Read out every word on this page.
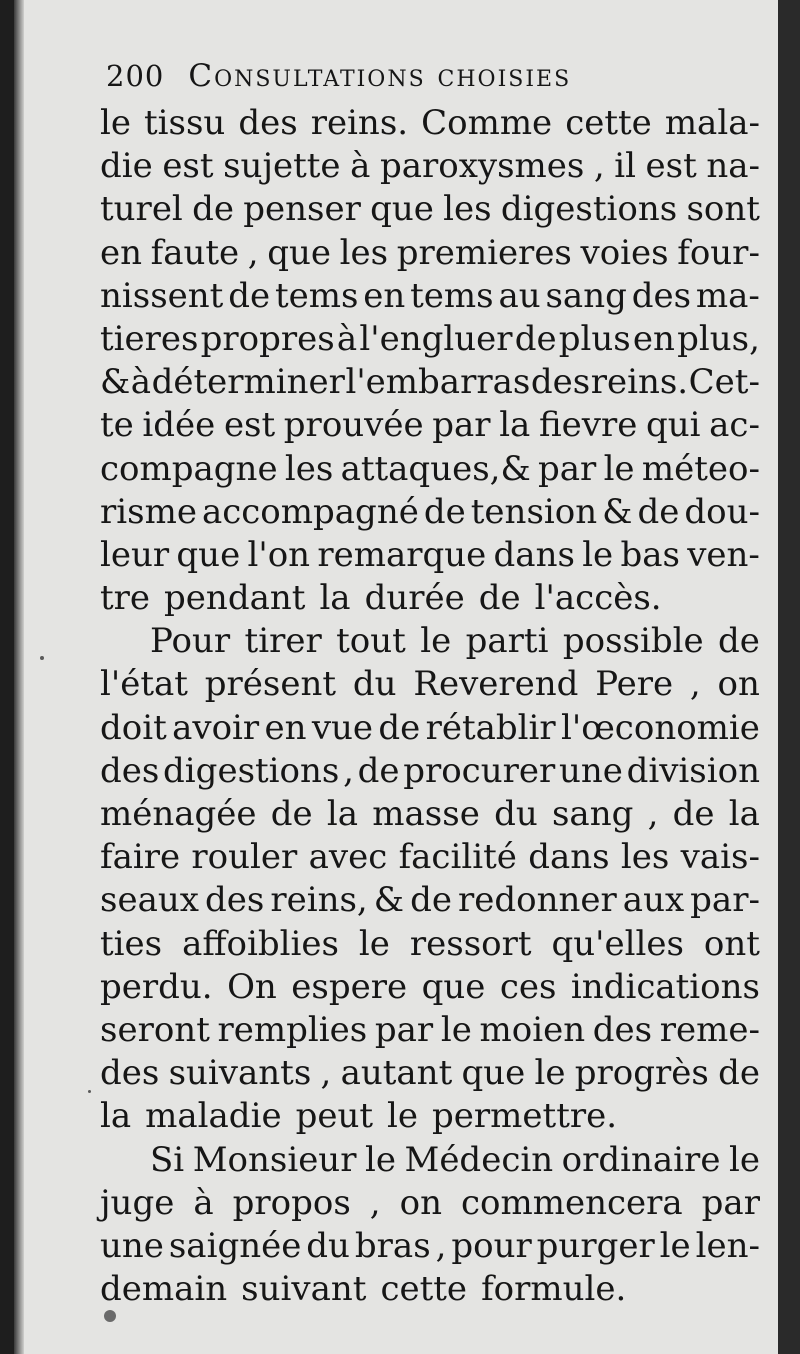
200 Consultations choisies
le tissu des reins. Comme cette mala-
die est sujette à paroxysmes , il est na-
turel de penser que les digestions sont
en faute , que les premieres voies four-
nissent de tems en tems au sang des ma-
tieres propres à l'engluer de plus en plus,
& à déterminer l'embarras des reins. Cet-
te idée est prouvée par la fievre qui ac-
compagne les attaques,& par le méteo-
risme accompagné de tension & de dou-
leur que l'on remarque dans le bas ven-
tre pendant la durée de l'accès.
Pour tirer tout le parti possible de
l'état présent du Reverend Pere , on
doit avoir en vue de rétablir l'œconomie
des digestions , de procurer une division
ménagée de la masse du sang , de la
faire rouler avec facilité dans les vais-
seaux des reins, & de redonner aux par-
ties affoiblies le ressort qu'elles ont
perdu. On espere que ces indications
seront remplies par le moien des reme-
des suivants , autant que le progrès de
la maladie peut le permettre.
Si Monsieur le Médecin ordinaire le
juge à propos , on commencera par
une saignée du bras , pour purger le len-
demain suivant cette formule.
